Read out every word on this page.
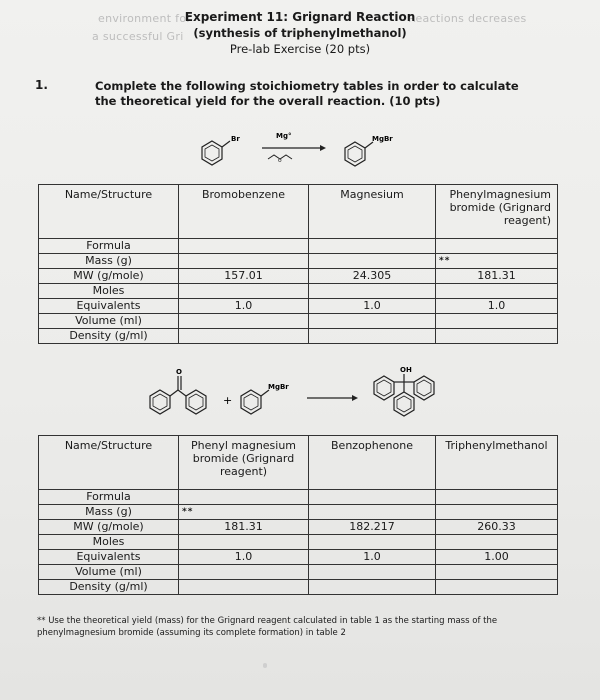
environment for
a successful Gri
Reactions decreases
Experiment 11: Grignard Reaction
(synthesis of triphenylmethanol)
Pre-lab Exercise (20 pts)
1.	Complete the following stoichiometry tables in order to calculate the theoretical yield for the overall reaction. (10 pts)
Br	Mg°
o
MgBr
Name/Structure	Bromobenzene	Magnesium	Phenylmagnesium bromide (Grignard reagent)
Formula			
Mass (g)			**
MW (g/mole)	157.01	24.305	181.31
Moles			
Equivalents	1.0	1.0	1.0
Volume (ml)			
Density (g/ml)			
O
+
MgBr
OH
Name/Structure	Phenyl magnesium bromide (Grignard reagent)	Benzophenone	Triphenylmethanol
Formula			
Mass (g)	**		
MW (g/mole)	181.31	182.217	260.33
Moles			
Equivalents	1.0	1.0	1.00
Volume (ml)			
Density (g/ml)			
** Use the theoretical yield (mass) for the Grignard reagent calculated in table 1 as the starting mass of the phenylmagnesium bromide (assuming its complete formation) in table 2
